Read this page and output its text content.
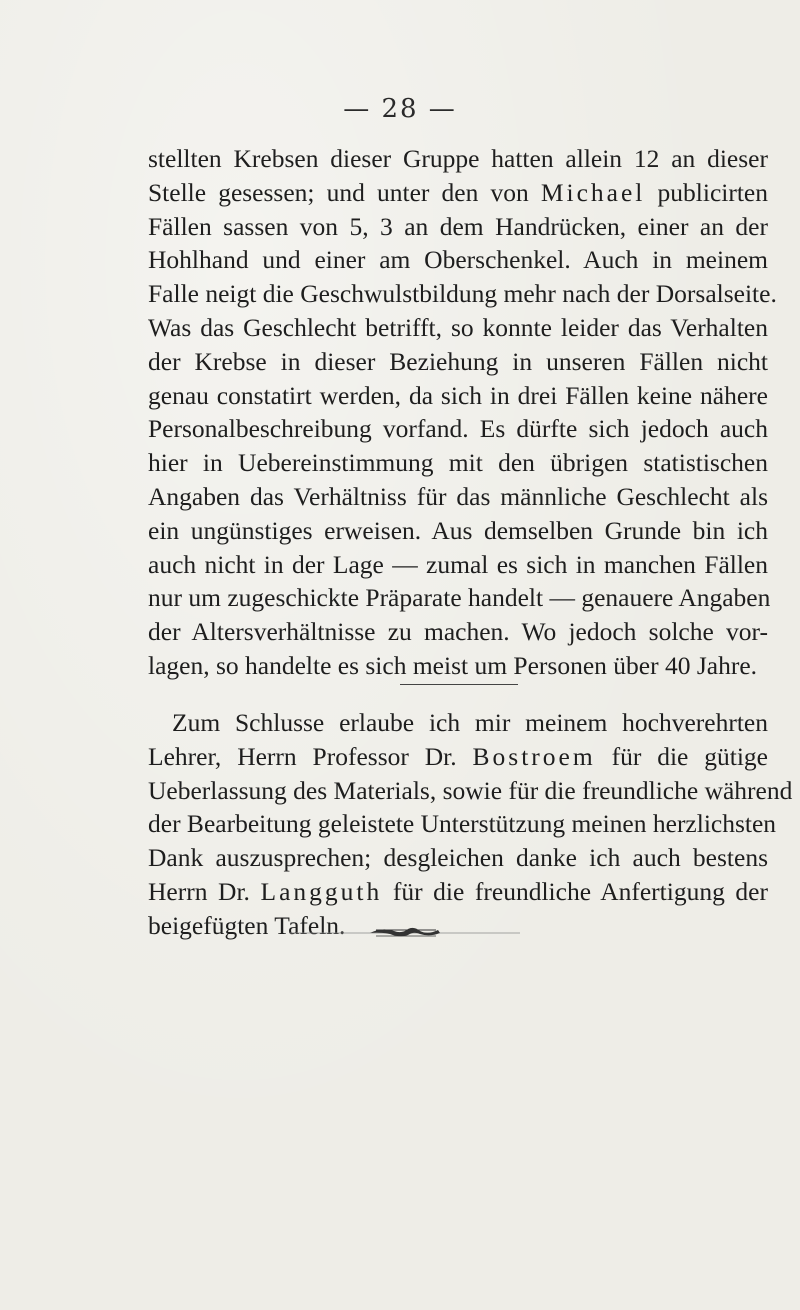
— 28 —
stellten Krebsen dieser Gruppe hatten allein 12 an dieser
Stelle gesessen; und unter den von Michael publicirten
Fällen sassen von 5, 3 an dem Handrücken, einer an der
Hohlhand und einer am Oberschenkel. Auch in meinem
Falle neigt die Geschwulstbildung mehr nach der Dorsalseite.
Was das Geschlecht betrifft, so konnte leider das Verhalten
der Krebse in dieser Beziehung in unseren Fällen nicht
genau constatirt werden, da sich in drei Fällen keine nähere
Personalbeschreibung vorfand. Es dürfte sich jedoch auch
hier in Uebereinstimmung mit den übrigen statistischen
Angaben das Verhältniss für das männliche Geschlecht als
ein ungünstiges erweisen. Aus demselben Grunde bin ich
auch nicht in der Lage — zumal es sich in manchen Fällen
nur um zugeschickte Präparate handelt — genauere Angaben
der Altersverhältnisse zu machen. Wo jedoch solche vor-
lagen, so handelte es sich meist um Personen über 40 Jahre.
Zum Schlusse erlaube ich mir meinem hochverehrten
Lehrer, Herrn Professor Dr. Bostroem für die gütige
Ueberlassung des Materials, sowie für die freundliche während
der Bearbeitung geleistete Unterstützung meinen herzlichsten
Dank auszusprechen; desgleichen danke ich auch bestens
Herrn Dr. Langguth für die freundliche Anfertigung der
beigefügten Tafeln.
